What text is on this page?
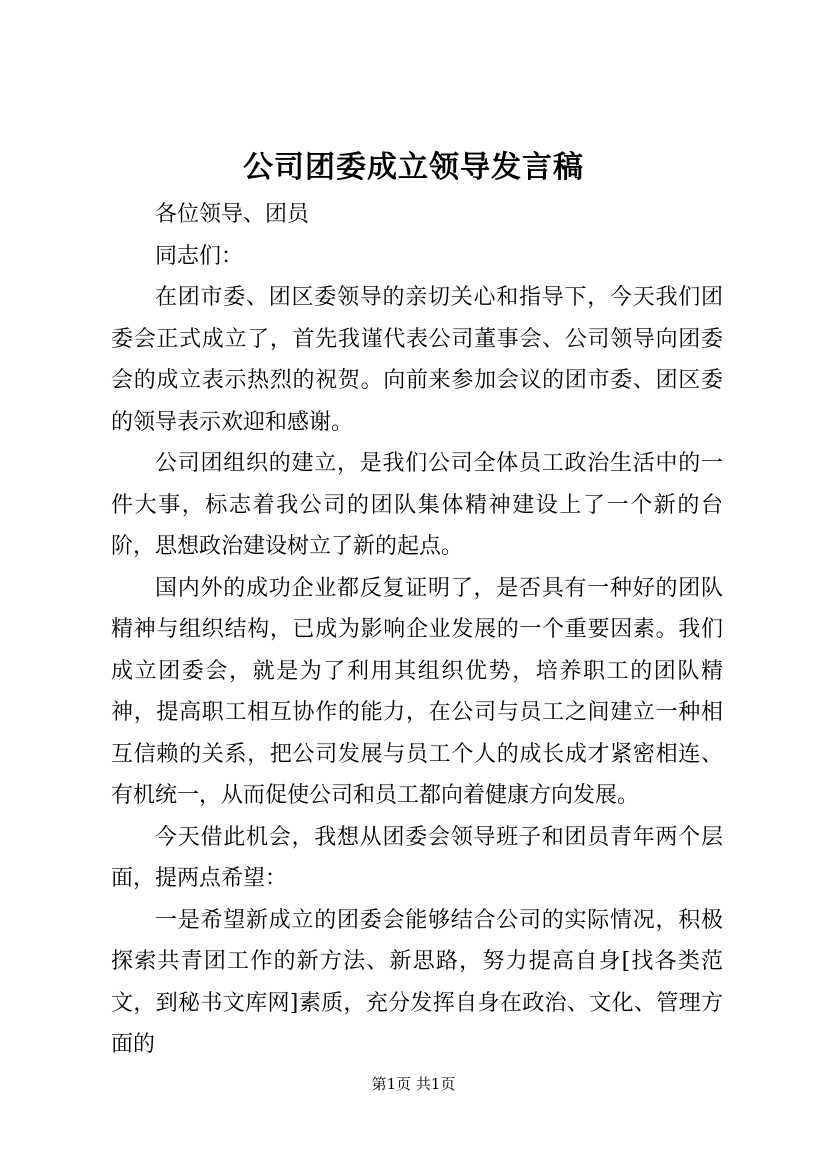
公司团委成立领导发言稿

各位领导、团员

同志们：

在团市委、团区委领导的亲切关心和指导下，今天我们团委会正式成立了，首先我谨代表公司董事会、公司领导向团委会的成立表示热烈的祝贺。向前来参加会议的团市委、团区委的领导表示欢迎和感谢。

公司团组织的建立，是我们公司全体员工政治生活中的一件大事，标志着我公司的团队集体精神建设上了一个新的台阶，思想政治建设树立了新的起点。

国内外的成功企业都反复证明了，是否具有一种好的团队精神与组织结构，已成为影响企业发展的一个重要因素。我们成立团委会，就是为了利用其组织优势，培养职工的团队精神，提高职工相互协作的能力，在公司与员工之间建立一种相互信赖的关系，把公司发展与员工个人的成长成才紧密相连、有机统一，从而促使公司和员工都向着健康方向发展。

今天借此机会，我想从团委会领导班子和团员青年两个层面，提两点希望：

一是希望新成立的团委会能够结合公司的实际情况，积极探索共青团工作的新方法、新思路，努力提高自身[找各类范文，到秘书文库网]素质，充分发挥自身在政治、文化、管理方面的

第1页 共1页
